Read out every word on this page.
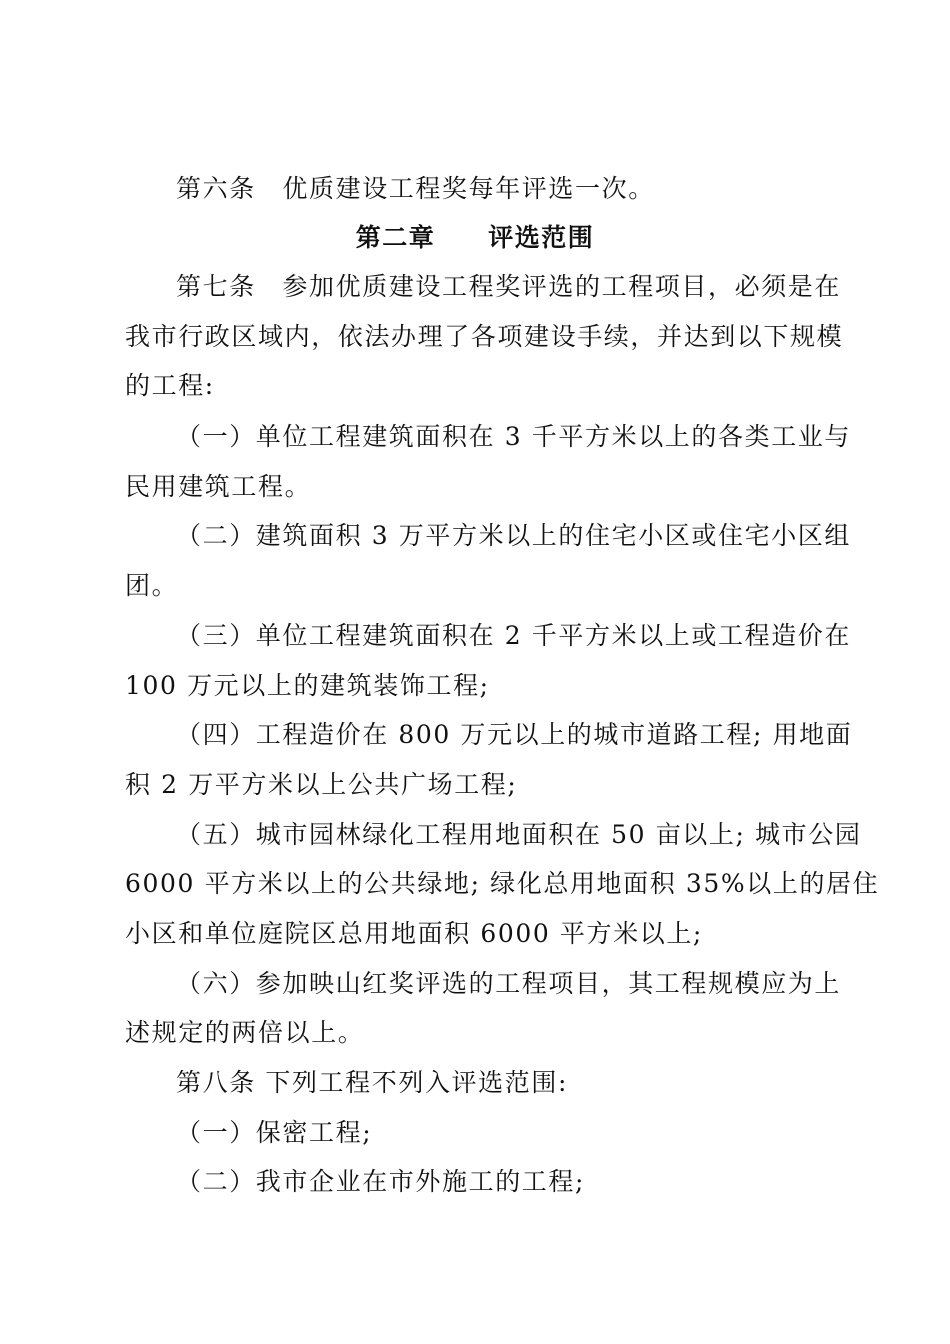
第六条　优质建设工程奖每年评选一次。
第二章　　评选范围
第七条　参加优质建设工程奖评选的工程项目，必须是在
我市行政区域内，依法办理了各项建设手续，并达到以下规模
的工程:
（一）单位工程建筑面积在 3 千平方米以上的各类工业与
民用建筑工程。
（二）建筑面积 3 万平方米以上的住宅小区或住宅小区组
团。
（三）单位工程建筑面积在 2 千平方米以上或工程造价在
100 万元以上的建筑装饰工程;
（四）工程造价在 800 万元以上的城市道路工程; 用地面
积 2 万平方米以上公共广场工程;
（五）城市园林绿化工程用地面积在 50 亩以上; 城市公园
6000 平方米以上的公共绿地; 绿化总用地面积 35%以上的居住
小区和单位庭院区总用地面积 6000 平方米以上;
（六）参加映山红奖评选的工程项目，其工程规模应为上
述规定的两倍以上。
第八条 下列工程不列入评选范围:
（一）保密工程;
（二）我市企业在市外施工的工程;
